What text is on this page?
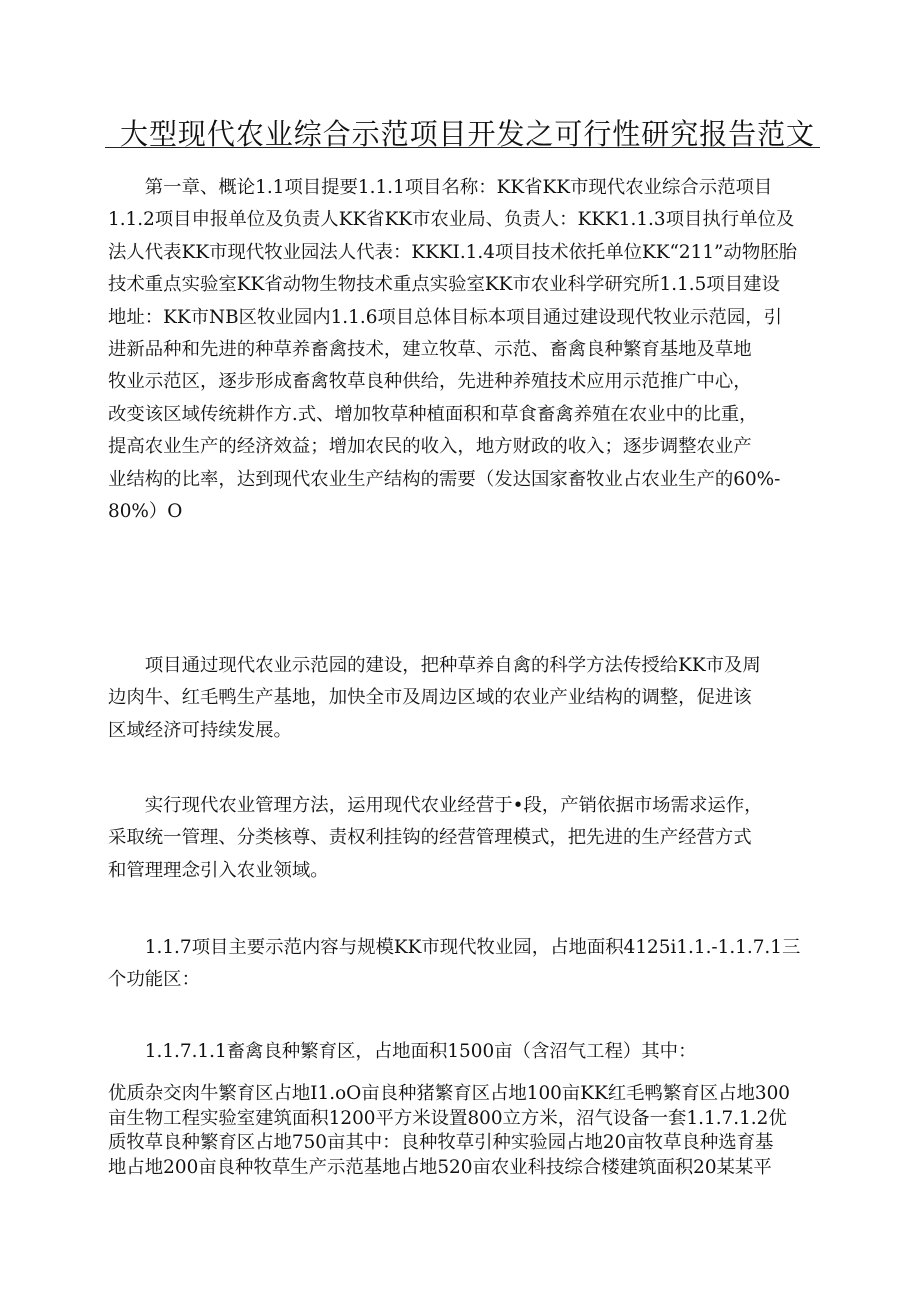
大型现代农业综合示范项目开发之可行性研究报告范文

　　第一章、概论1.1项目提要1.1.1项目名称：KK省KK市现代农业综合示范项目
1.1.2项目申报单位及负责人KK省KK市农业局、负责人：KKK1.1.3项目执行单位及
法人代表KK市现代牧业园法人代表：KKKI.1.4项目技术依托单位KK“211”动物胚胎
技术重点实验室KK省动物生物技术重点实验室KK市农业科学研究所1.1.5项目建设
地址：KK市NB区牧业园内1.1.6项目总体目标本项目通过建设现代牧业示范园，引
进新品种和先进的种草养畜禽技术，建立牧草、示范、畜禽良种繁育基地及草地
牧业示范区，逐步形成畜禽牧草良种供给，先进种养殖技术应用示范推广中心，
改变该区域传统耕作方.式、增加牧草种植面积和草食畜禽养殖在农业中的比重，
提高农业生产的经济效益；增加农民的收入，地方财政的收入；逐步调整农业产
业结构的比率，达到现代农业生产结构的需要（发达国家畜牧业占农业生产的60%-
80%）O

　　项目通过现代农业示范园的建设，把种草养自禽的科学方法传授给KK市及周
边肉牛、红毛鸭生产基地，加快全市及周边区域的农业产业结构的调整，促进该
区域经济可持续发展。

　　实行现代农业管理方法，运用现代农业经营于•段，产销依据市场需求运作，
采取统一管理、分类核尊、责权利挂钩的经营管理模式，把先进的生产经营方式
和管理理念引入农业领域。

　　1.1.7项目主要示范内容与规模KK市现代牧业园，占地面积4125i1.1.-1.1.7.1三
个功能区：

　　1.1.7.1.1畜禽良种繁育区，占地面积1500亩（含沼气工程）其中：

优质杂交肉牛繁育区占地I1.oO亩良种猪繁育区占地100亩KK红毛鸭繁育区占地300
亩生物工程实验室建筑面积1200平方米设置800立方米，沼气设备一套1.1.7.1.2优
质牧草良种繁育区占地750亩其中：良种牧草引种实验园占地20亩牧草良种选育基
地占地200亩良种牧草生产示范基地占地520亩农业科技综合楼建筑面积20某某平
